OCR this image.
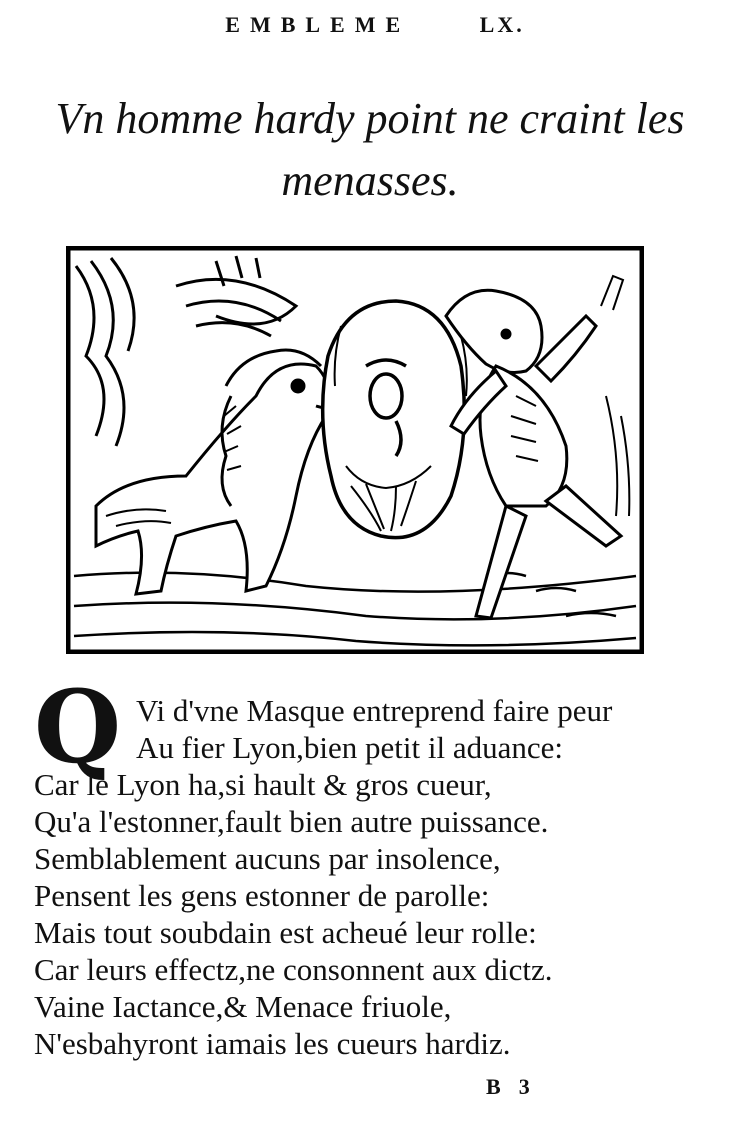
EMBLEME	LX.
Vn homme hardy point ne craint les
menasses.
Q Vi d'vne Masque entreprend faire peur
Au fier Lyon,bien petit il aduance:
Car le Lyon ha,si hault & gros cueur,
Qu'a l'estonner,fault bien autre puissance.
Semblablement aucuns par insolence,
Pensent les gens estonner de parolle:
Mais tout soubdain est acheué leur rolle:
Car leurs effectz,ne consonnent aux dictz.
Vaine Iactance,& Menace friuole,
N'esbahyront iamais les cueurs hardiz.
B3
